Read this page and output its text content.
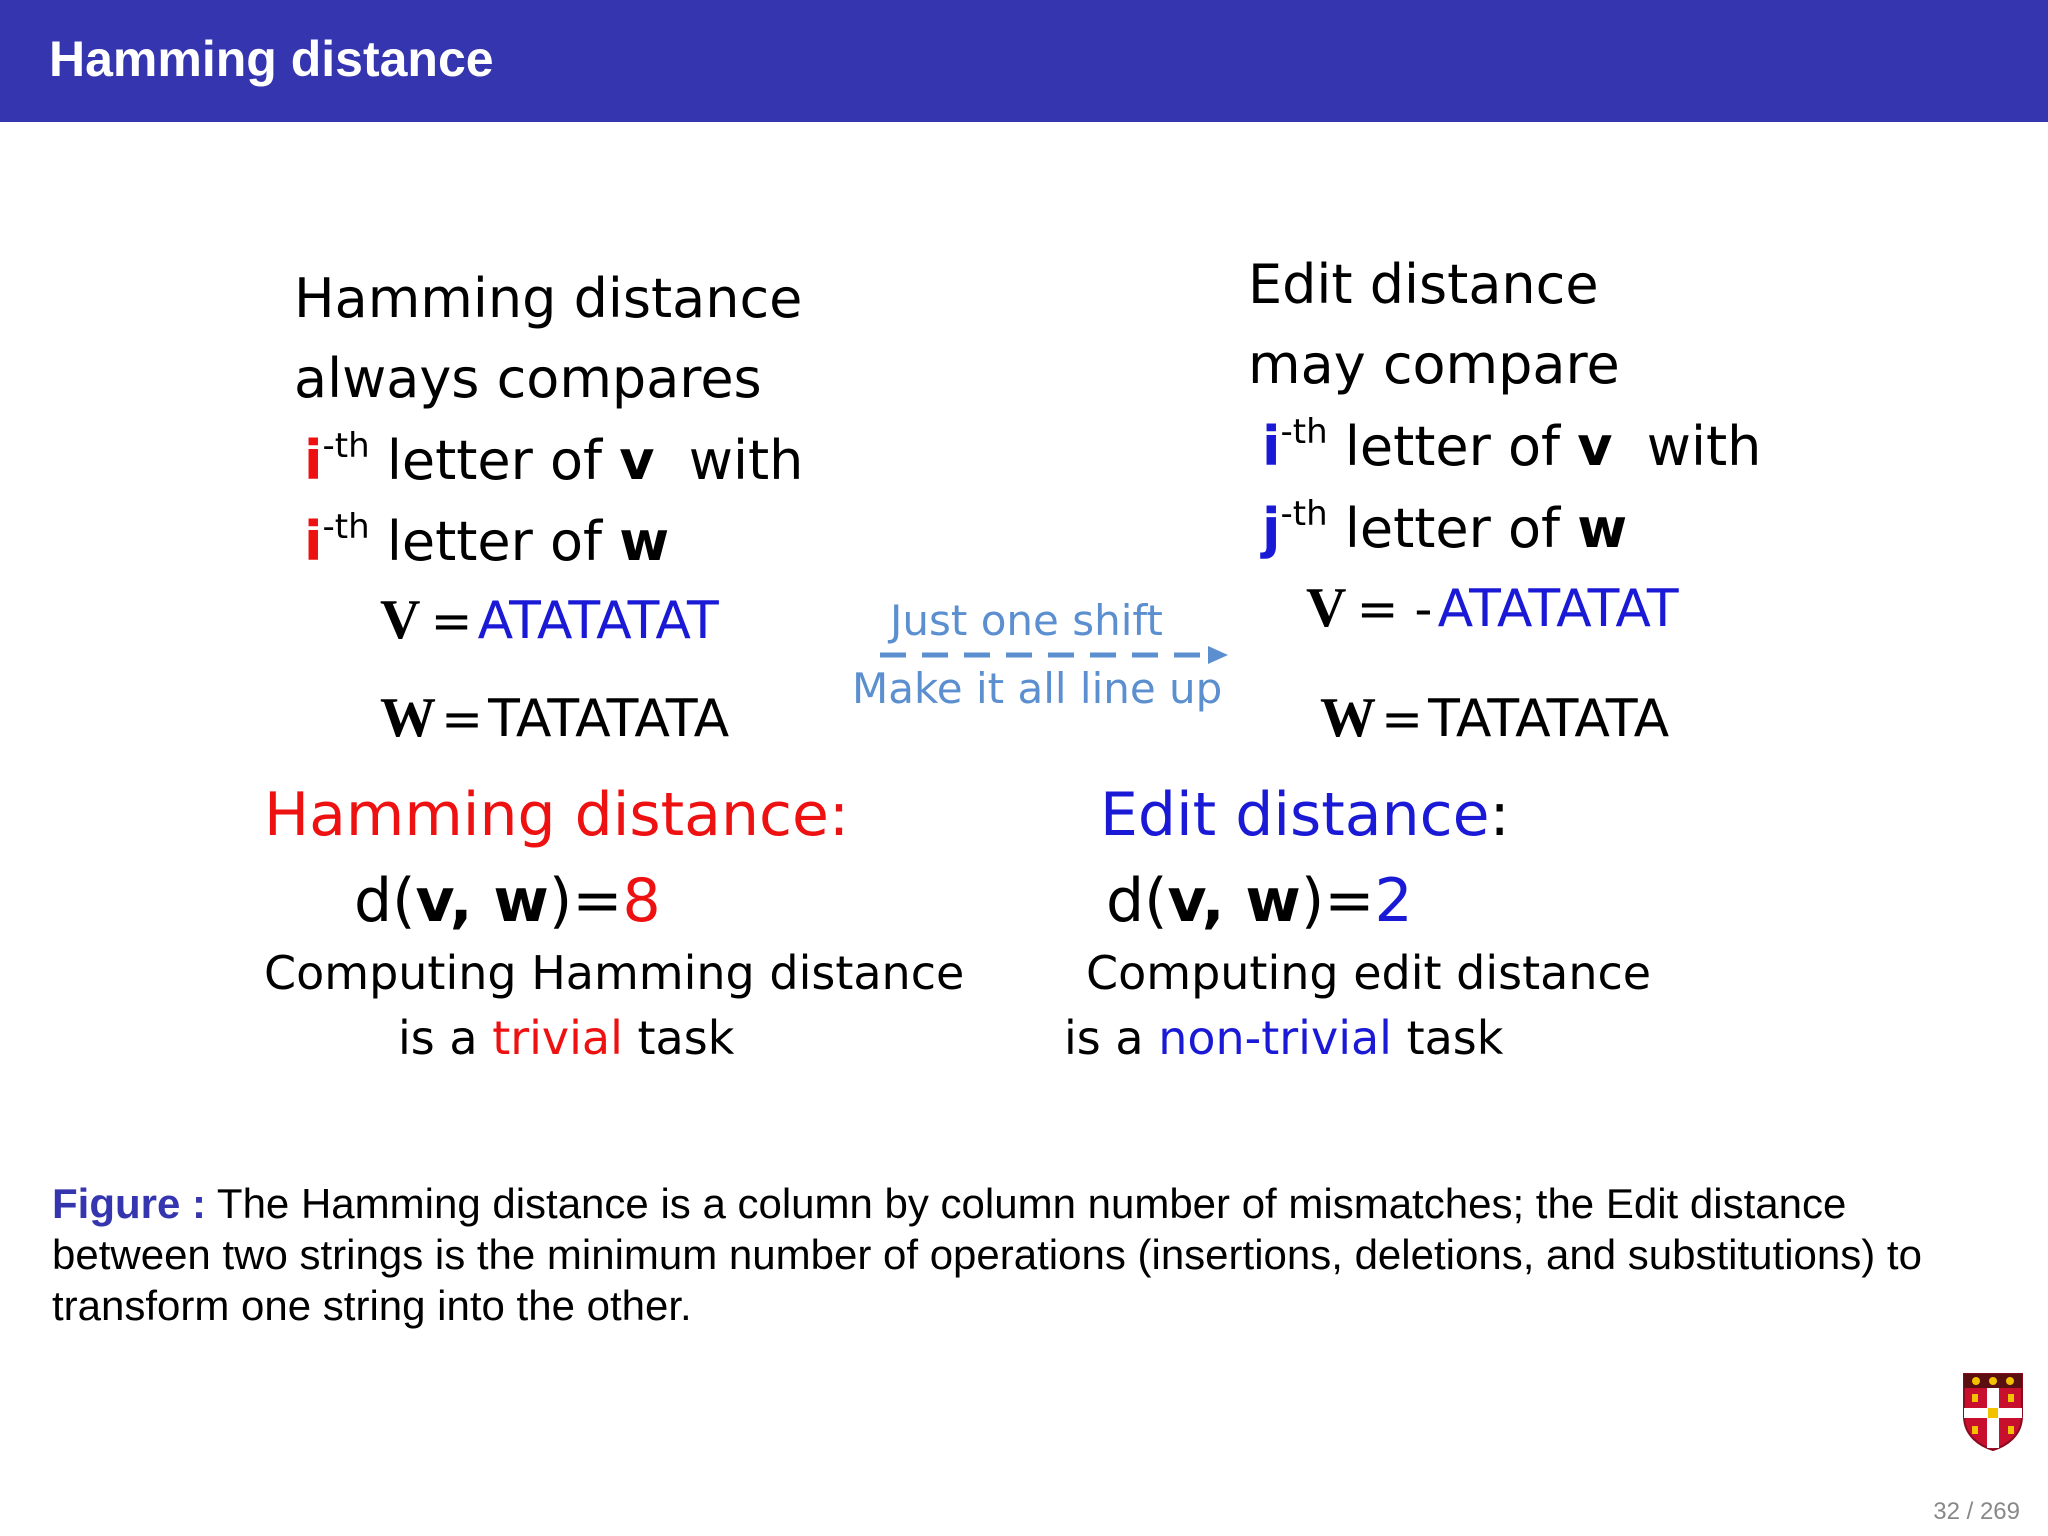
Hamming distance
Hamming distance
always compares
$i^{-th}$ letter of v with
$i^{-th}$ letter of w
V = ATATATAT
W = TATATATA
Hamming distance:
d(v, w)=8
Computing Hamming distance
is a trivial task
Just one shift
Make it all line up
Edit distance
may compare
$i^{-th}$ letter of v with
$j^{-th}$ letter of w
V = - ATATATAT
W = TATATATA
Edit distance:
d(v, w)=2
Computing edit distance
is a non-trivial task
Figure : The Hamming distance is a column by column number of mismatches; the Edit distance between two strings is the minimum number of operations (insertions, deletions, and substitutions) to transform one string into the other.
32 / 269
